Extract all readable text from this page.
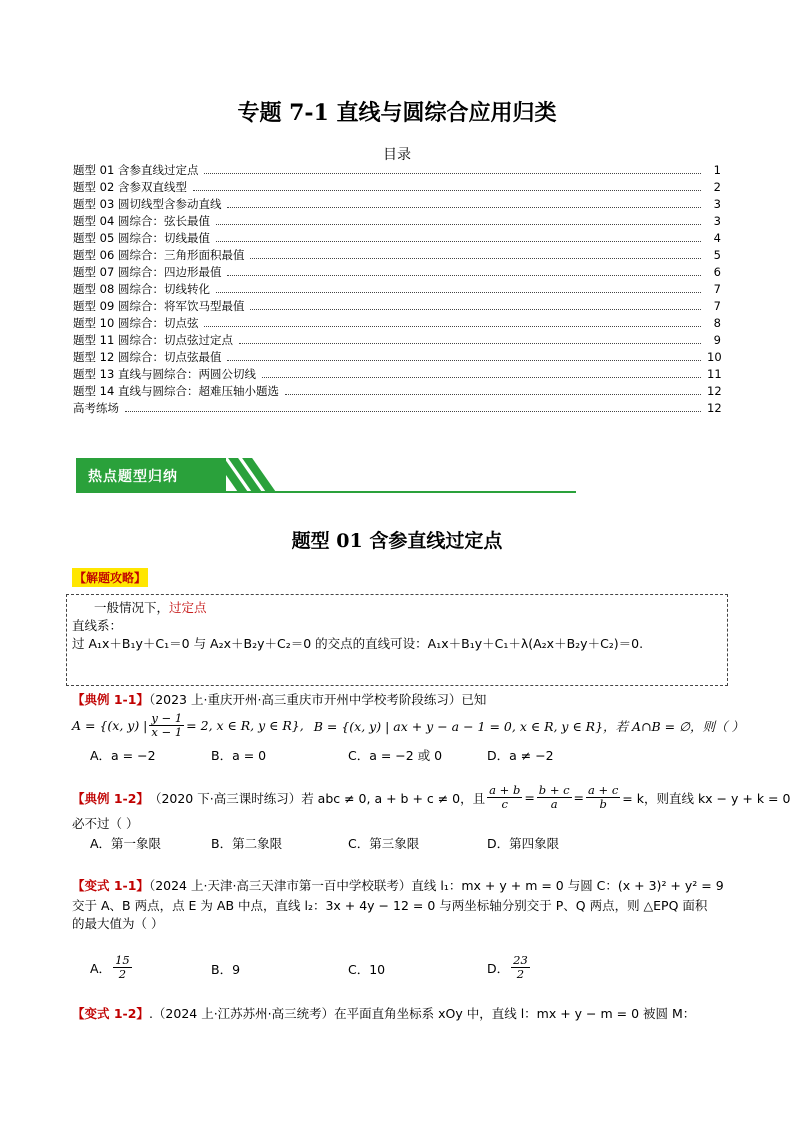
专题 7-1 直线与圆综合应用归类
目录
题型 01 含参直线过定点	1
题型 02 含参双直线型	2
题型 03 圆切线型含参动直线	3
题型 04 圆综合：弦长最值	3
题型 05 圆综合：切线最值	4
题型 06 圆综合：三角形面积最值	5
题型 07 圆综合：四边形最值	6
题型 08 圆综合：切线转化	7
题型 09 圆综合：将军饮马型最值	7
题型 10 圆综合：切点弦	8
题型 11 圆综合：切点弦过定点	9
题型 12 圆综合：切点弦最值	10
题型 13 直线与圆综合：两圆公切线	11
题型 14 直线与圆综合：超难压轴小题选	12
高考练场	12
热点题型归纳
题型 01 含参直线过定点
【解题攻略】
一般情况下，过定点
直线系：
过 A₁x＋B₁y＋C₁＝0 与 A₂x＋B₂y＋C₂＝0 的交点的直线可设：A₁x＋B₁y＋C₁＋λ(A₂x＋B₂y＋C₂)＝0.
【典例 1-1】（2023 上·重庆开州·高三重庆市开州中学校考阶段练习）已知
A = {(x, y) | $\frac{y - 1}{x - 1} = 2$, x ∈ R, y ∈ R}, B = {(x, y) | ax + y − a − 1 = 0, x ∈ R, y ∈ R}，若 A∩B = ∅，则（ ）
A．a = −2	B．a = 0	C．a = −2 或 0	D．a ≠ −2
【典例 1-2】 （2020 下·高三课时练习）若 abc ≠ 0, a + b + c ≠ 0，且 $\frac{a + b}{c} = \frac{b + c}{a} = \frac{a + c}{b} = k$，则直线 kx − y + k = 0
必不过（ ）
A．第一象限	B．第二象限	C．第三象限	D．第四象限
【变式 1-1】（2024 上·天津·高三天津市第一百中学校联考）直线 l₁：mx + y + m = 0 与圆 C：(x + 3)² + y² = 9
交于 A、B 两点，点 E 为 AB 中点，直线 l₂：3x + 4y − 12 = 0 与两坐标轴分别交于 P、Q 两点，则 △EPQ 面积
的最大值为（ ）
A． $\frac{15}{2}$	B．9	C．10	D． $\frac{23}{2}$
【变式 1-2】.（2024 上·江苏苏州·高三统考）在平面直角坐标系 xOy 中，直线 l：mx + y − m = 0 被圆 M：
